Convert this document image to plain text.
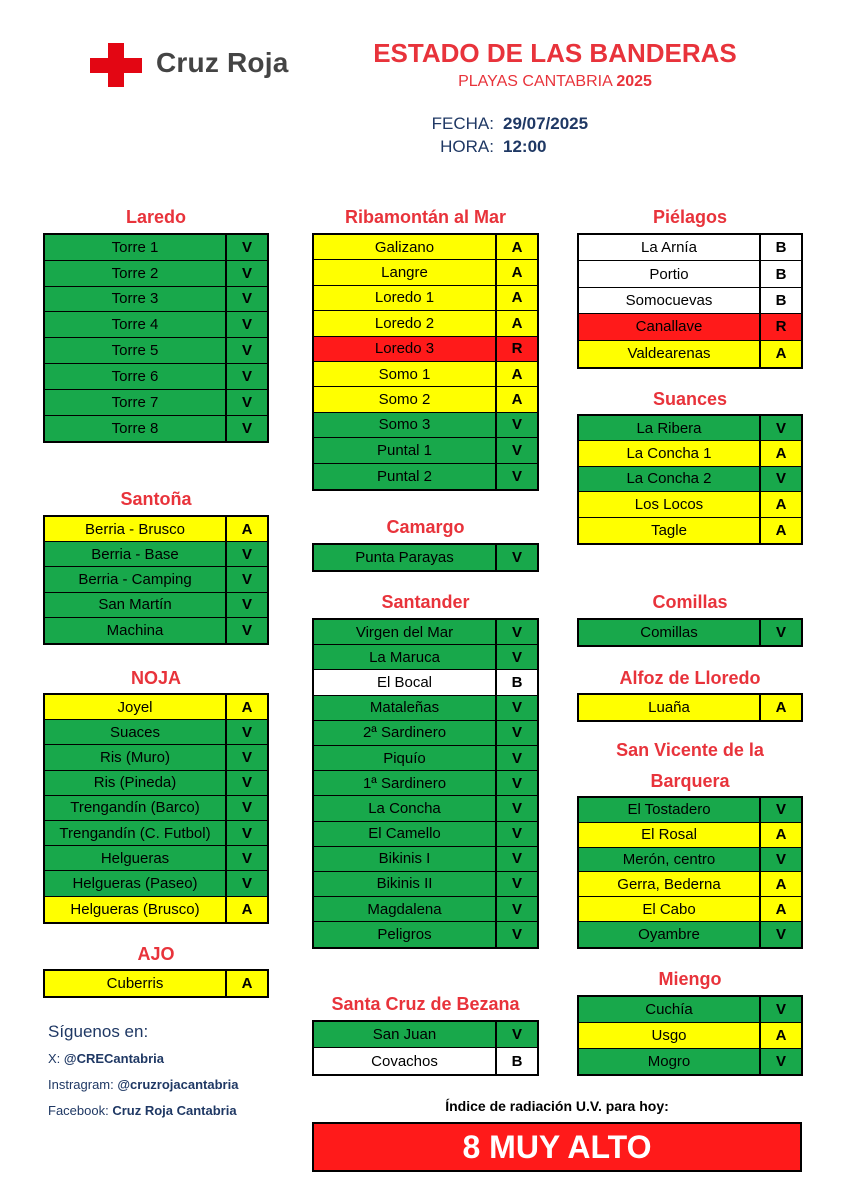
Cruz Roja	ESTADO DE LAS BANDERAS
PLAYAS CANTABRIA 2025
FECHA: 29/07/2025
HORA: 12:00
Síguenos en:
X: @CRECantabria
Instragram: @cruzrojacantabria
Facebook: Cruz Roja Cantabria	Índice de radiación U.V. para hoy:
8 MUY ALTO
Laredo
Torre 1	V
Torre 2	V
Torre 3	V
Torre 4	V
Torre 5	V
Torre 6	V
Torre 7	V
Torre 8	V
Santoña
Berria - Brusco	A
Berria - Base	V
Berria - Camping	V
San Martín	V
Machina	V
NOJA
Joyel	A
Suaces	V
Ris (Muro)	V
Ris (Pineda)	V
Trengandín (Barco)	V
Trengandín (C. Futbol)	V
Helgueras	V
Helgueras (Paseo)	V
Helgueras (Brusco)	A
AJO
Cuberris	A
Ribamontán al Mar
Galizano	A
Langre	A
Loredo 1	A
Loredo 2	A
Loredo 3	R
Somo 1	A
Somo 2	A
Somo 3	V
Puntal 1	V
Puntal 2	V
Camargo
Punta Parayas	V
Santander
Virgen del Mar	V
La Maruca	V
El Bocal	B
Mataleñas	V
2ª Sardinero	V
Piquío	V
1ª Sardinero	V
La Concha	V
El Camello	V
Bikinis I	V
Bikinis II	V
Magdalena	V
Peligros	V
Santa Cruz de Bezana
San Juan	V
Covachos	B
Piélagos
La Arnía	B
Portio	B
Somocuevas	B
Canallave	R
Valdearenas	A
Suances
La Ribera	V
La Concha 1	A
La Concha 2	V
Los Locos	A
Tagle	A
Comillas
Comillas	V
Alfoz de Lloredo
Luaña	A
San Vicente de la
Barquera
El Tostadero	V
El Rosal	A
Merón, centro	V
Gerra, Bederna	A
El Cabo	A
Oyambre	V
Miengo
Cuchía	V
Usgo	A
Mogro	V
